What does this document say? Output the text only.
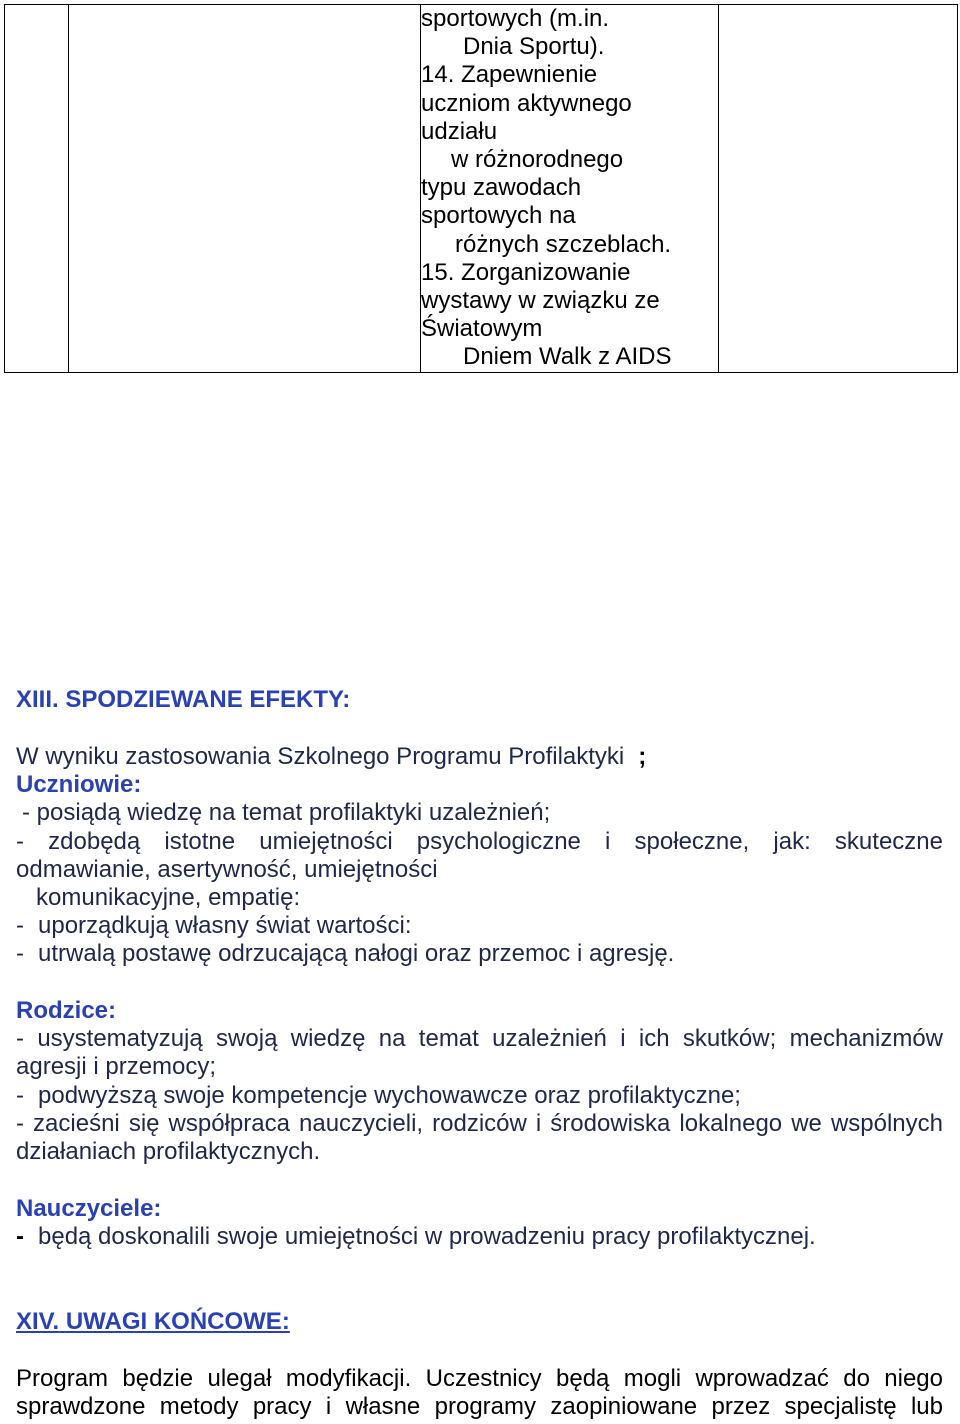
sportowych (m.in.
Dnia Sportu).
14. Zapewnienie
uczniom aktywnego
udziału
w różnorodnego
typu zawodach
sportowych na
różnych szczeblach.
15. Zorganizowanie
wystawy w związku ze
Światowym
Dniem Walk z AIDS

XIII. SPODZIEWANE EFEKTY:
W wyniku zastosowania Szkolnego Programu Profilaktyki ;
Uczniowie:
- posiądą wiedzę na temat profilaktyki uzależnień;
- zdobędą istotne umiejętności psychologiczne i społeczne, jak: skuteczne
odmawianie, asertywność, umiejętności
komunikacyjne, empatię:
- uporządkują własny świat wartości:
- utrwalą postawę odrzucającą nałogi oraz przemoc i agresję.
Rodzice:
- usystematyzują swoją wiedzę na temat uzależnień i ich skutków; mechanizmów
agresji i przemocy;
- podwyższą swoje kompetencje wychowawcze oraz profilaktyczne;
- zacieśni się współpraca nauczycieli, rodziców i środowiska lokalnego we wspólnych
działaniach profilaktycznych.
Nauczyciele:
- będą doskonalili swoje umiejętności w prowadzeniu pracy profilaktycznej.
XIV. UWAGI KOŃCOWE:
Program będzie ulegał modyfikacji. Uczestnicy będą mogli wprowadzać do niego
sprawdzone metody pracy i własne programy zaopiniowane przez specjalistę lub
